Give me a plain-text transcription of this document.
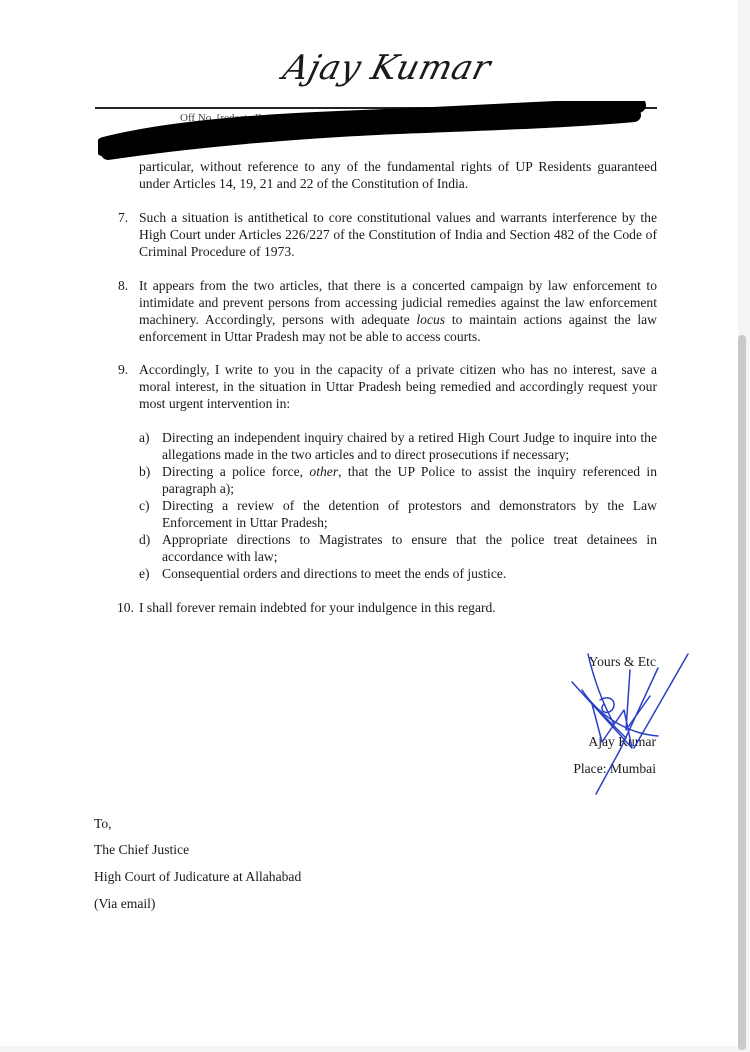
Ajay Kumar
Off No. [redacted]
Email: [redacted] Mobile: +91-[redacted]
particular, without reference to any of the fundamental rights of UP Residents guaranteed under Articles 14, 19, 21 and 22 of the Constitution of India.
7. Such a situation is antithetical to core constitutional values and warrants interference by the High Court under Articles 226/227 of the Constitution of India and Section 482 of the Code of Criminal Procedure of 1973.
8. It appears from the two articles, that there is a concerted campaign by law enforcement to intimidate and prevent persons from accessing judicial remedies against the law enforcement machinery. Accordingly, persons with adequate locus to maintain actions against the law enforcement in Uttar Pradesh may not be able to access courts.
9. Accordingly, I write to you in the capacity of a private citizen who has no interest, save a moral interest, in the situation in Uttar Pradesh being remedied and accordingly request your most urgent intervention in:
a) Directing an independent inquiry chaired by a retired High Court Judge to inquire into the allegations made in the two articles and to direct prosecutions if necessary;
b) Directing a police force, other, that the UP Police to assist the inquiry referenced in paragraph a);
c) Directing a review of the detention of protestors and demonstrators by the Law Enforcement in Uttar Pradesh;
d) Appropriate directions to Magistrates to ensure that the police treat detainees in accordance with law;
e) Consequential orders and directions to meet the ends of justice.
10. I shall forever remain indebted for your indulgence in this regard.
Yours & Etc
Ajay Kumar
Place: Mumbai
To,
The Chief Justice
High Court of Judicature at Allahabad
(Via email)
